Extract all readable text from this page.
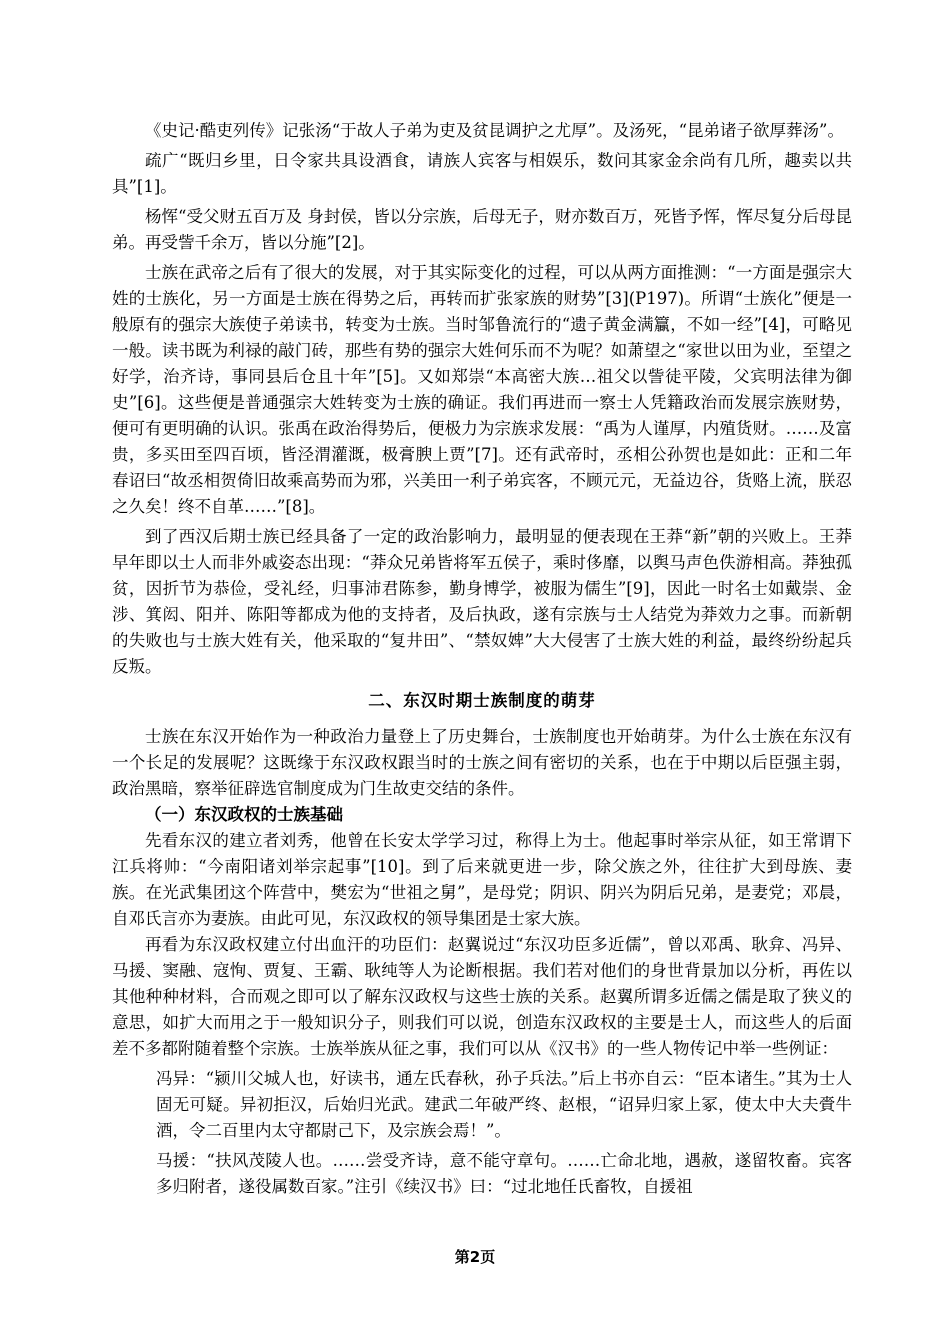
《史记·酷吏列传》记张汤“于故人子弟为吏及贫昆调护之尤厚”。及汤死，“昆弟诸子欲厚葬汤”。

疏广“既归乡里，日令家共具设酒食，请族人宾客与相娱乐，数问其家金余尚有几所，趣卖以共具”[1]。

杨恽“受父财五百万及 身封侯，皆以分宗族，后母无子，财亦数百万，死皆予恽，恽尽复分后母昆弟。再受訾千余万，皆以分施”[2]。

士族在武帝之后有了很大的发展，对于其实际变化的过程，可以从两方面推测：“一方面是强宗大姓的士族化，另一方面是士族在得势之后，再转而扩张家族的财势”[3](P197)。所谓“士族化”便是一般原有的强宗大族使子弟读书，转变为士族。当时邹鲁流行的“遗子黄金满籯，不如一经”[4]，可略见一般。读书既为利禄的敲门砖，那些有势的强宗大姓何乐而不为呢？如萧望之“家世以田为业，至望之好学，治齐诗，事同县后仓且十年”[5]。又如郑崇“本高密大族…祖父以訾徒平陵，父宾明法律为御史”[6]。这些便是普通强宗大姓转变为士族的确证。我们再进而一察士人凭籍政治而发展宗族财势，便可有更明确的认识。张禹在政治得势后，便极力为宗族求发展：“禹为人谨厚，内殖货财。……及富贵，多买田至四百顷，皆泾渭灌溉，极膏腴上贾”[7]。还有武帝时，丞相公孙贺也是如此：正和二年春诏曰“故丞相贺倚旧故乘高势而为邪，兴美田一利子弟宾客，不顾元元，无益边谷，货赂上流，朕忍之久矣！终不自革……”[8]。

到了西汉后期士族已经具备了一定的政治影响力，最明显的便表现在王莽“新”朝的兴败上。王莽早年即以士人而非外戚姿态出现：“莽众兄弟皆将军五侯子，乘时侈靡，以舆马声色佚游相高。莽独孤贫，因折节为恭俭，受礼经，归事沛君陈参，勤身博学，被服为儒生”[9]，因此一时名士如戴崇、金涉、箕闳、阳并、陈阳等都成为他的支持者，及后执政，遂有宗族与士人结党为莽效力之事。而新朝的失败也与士族大姓有关，他采取的“复井田”、“禁奴婢”大大侵害了士族大姓的利益，最终纷纷起兵反叛。

二、东汉时期士族制度的萌芽

士族在东汉开始作为一种政治力量登上了历史舞台，士族制度也开始萌芽。为什么士族在东汉有一个长足的发展呢？这既缘于东汉政权跟当时的士族之间有密切的关系，也在于中期以后臣强主弱，政治黑暗，察举征辟选官制度成为门生故吏交结的条件。

（一）东汉政权的士族基础

先看东汉的建立者刘秀，他曾在长安太学学习过，称得上为士。他起事时举宗从征，如王常谓下江兵将帅：“今南阳诸刘举宗起事”[10]。到了后来就更进一步，除父族之外，往往扩大到母族、妻族。在光武集团这个阵营中，樊宏为“世祖之舅”，是母党；阴识、阴兴为阴后兄弟，是妻党；邓晨，自邓氏言亦为妻族。由此可见，东汉政权的领导集团是士家大族。

再看为东汉政权建立付出血汗的功臣们：赵翼说过“东汉功臣多近儒”，曾以邓禹、耿弇、冯异、马援、窦融、寇恂、贾复、王霸、耿纯等人为论断根据。我们若对他们的身世背景加以分析，再佐以其他种种材料，合而观之即可以了解东汉政权与这些士族的关系。赵翼所谓多近儒之儒是取了狭义的意思，如扩大而用之于一般知识分子，则我们可以说，创造东汉政权的主要是士人，而这些人的后面差不多都附随着整个宗族。士族举族从征之事，我们可以从《汉书》的一些人物传记中举一些例证：

冯异：“颍川父城人也，好读书，通左氏春秋，孙子兵法。”后上书亦自云：“臣本诸生。”其为士人固无可疑。异初拒汉，后始归光武。建武二年破严终、赵根，“诏异归家上冢，使太中大夫賫牛酒，令二百里内太守都尉己下，及宗族会焉！”。

马援：“扶风茂陵人也。……尝受齐诗，意不能守章句。……亡命北地，遇赦，遂留牧畜。宾客多归附者，遂役属数百家。”注引《续汉书》曰：“过北地任氏畜牧，自援祖

第2页
